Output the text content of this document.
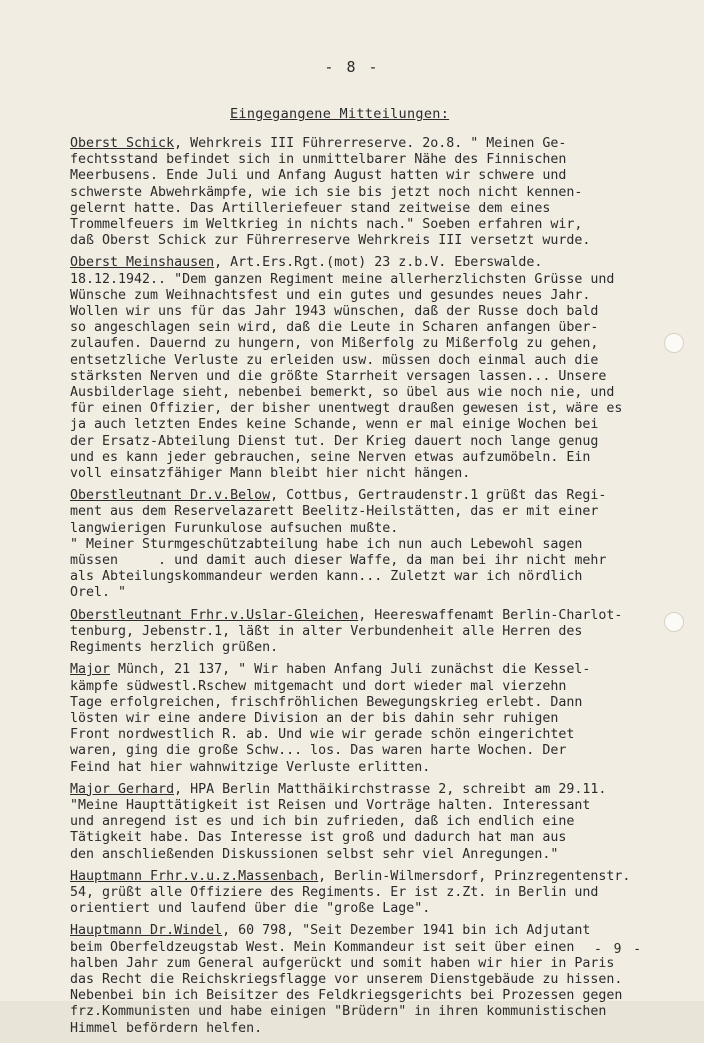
- 8 -
Eingegangene Mitteilungen:
Oberst Schick, Wehrkreis III Führerreserve. 2o.8. " Meinen Ge-
fechtsstand befindet sich in unmittelbarer Nähe des Finnischen
Meerbusens. Ende Juli und Anfang August hatten wir schwere und
schwerste Abwehrkämpfe, wie ich sie bis jetzt noch nicht kennen-
gelernt hatte. Das Artilleriefeuer stand zeitweise dem eines
Trommelfeuers im Weltkrieg in nichts nach." Soeben erfahren wir,
daß Oberst Schick zur Führerreserve Wehrkreis III versetzt wurde.
Oberst Meinshausen, Art.Ers.Rgt.(mot) 23 z.b.V. Eberswalde.
18.12.1942.. "Dem ganzen Regiment meine allerherzlichsten Grüsse und
Wünsche zum Weihnachtsfest und ein gutes und gesundes neues Jahr.
Wollen wir uns für das Jahr 1943 wünschen, daß der Russe doch bald
so angeschlagen sein wird, daß die Leute in Scharen anfangen über-
zulaufen. Dauernd zu hungern, von Mißerfolg zu Mißerfolg zu gehen,
entsetzliche Verluste zu erleiden usw. müssen doch einmal auch die
stärksten Nerven und die größte Starrheit versagen lassen... Unsere
Ausbilderlage sieht, nebenbei bemerkt, so übel aus wie noch nie, und
für einen Offizier, der bisher unentwegt draußen gewesen ist, wäre es
ja auch letzten Endes keine Schande, wenn er mal einige Wochen bei
der Ersatz-Abteilung Dienst tut. Der Krieg dauert noch lange genug
und es kann jeder gebrauchen, seine Nerven etwas aufzumöbeln. Ein
voll einsatzfähiger Mann bleibt hier nicht hängen.
Oberstleutnant Dr.v.Below, Cottbus, Gertraudenstr.1 grüßt das Regi-
ment aus dem Reservelazarett Beelitz-Heilstätten, das er mit einer
langwierigen Furunkulose aufsuchen mußte.
" Meiner Sturmgeschützabteilung habe ich nun auch Lebewohl sagen
müssen     . und damit auch dieser Waffe, da man bei ihr nicht mehr
als Abteilungskommandeur werden kann... Zuletzt war ich nördlich
Orel. "
Oberstleutnant Frhr.v.Uslar-Gleichen, Heereswaffenamt Berlin-Charlot-
tenburg, Jebenstr.1, läßt in alter Verbundenheit alle Herren des
Regiments herzlich grüßen.
Major Münch, 21 137, " Wir haben Anfang Juli zunächst die Kessel-
kämpfe südwestl.Rschew mitgemacht und dort wieder mal vierzehn
Tage erfolgreichen, frischfröhlichen Bewegungskrieg erlebt. Dann
lösten wir eine andere Division an der bis dahin sehr ruhigen
Front nordwestlich R. ab. Und wie wir gerade schön eingerichtet
waren, ging die große Schw... los. Das waren harte Wochen. Der
Feind hat hier wahnwitzige Verluste erlitten.
Major Gerhard, HPA Berlin Matthäikirchstrasse 2, schreibt am 29.11.
"Meine Haupttätigkeit ist Reisen und Vorträge halten. Interessant
und anregend ist es und ich bin zufrieden, daß ich endlich eine
Tätigkeit habe. Das Interesse ist groß und dadurch hat man aus
den anschließenden Diskussionen selbst sehr viel Anregungen."
Hauptmann Frhr.v.u.z.Massenbach, Berlin-Wilmersdorf, Prinzregentenstr.
54, grüßt alle Offiziere des Regiments. Er ist z.Zt. in Berlin und
orientiert und laufend über die "große Lage".
Hauptmann Dr.Windel, 60 798, "Seit Dezember 1941 bin ich Adjutant
beim Oberfeldzeugstab West. Mein Kommandeur ist seit über einen
halben Jahr zum General aufgerückt und somit haben wir hier in Paris
das Recht die Reichskriegsflagge vor unserem Dienstgebäude zu hissen.
Nebenbei bin ich Beisitzer des Feldkriegsgerichts bei Prozessen gegen
frz.Kommunisten und habe einigen "Brüdern" in ihren kommunistischen
Himmel befördern helfen.
- 9 -
